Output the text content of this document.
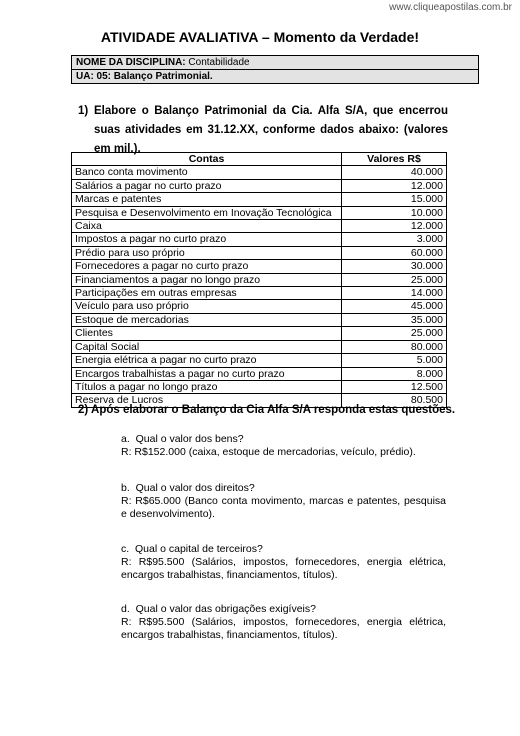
www.cliqueapostilas.com.br
ATIVIDADE AVALIATIVA – Momento da Verdade!
NOME DA DISCIPLINA: Contabilidade
UA: 05: Balanço Patrimonial.
1) Elabore o Balanço Patrimonial da Cia. Alfa S/A, que encerrou suas atividades em 31.12.XX, conforme dados abaixo: (valores em mil.).
Contas	Valores R$
Banco conta movimento	40.000
Salários a pagar no curto prazo	12.000
Marcas e patentes	15.000
Pesquisa e Desenvolvimento em Inovação Tecnológica	10.000
Caixa	12.000
Impostos a pagar no curto prazo	3.000
Prédio para uso próprio	60.000
Fornecedores a pagar no curto prazo	30.000
Financiamentos a pagar no longo prazo	25.000
Participações em outras empresas	14.000
Veículo para uso próprio	45.000
Estoque de mercadorias	35.000
Clientes	25.000
Capital Social	80.000
Energia elétrica a pagar no curto prazo	5.000
Encargos trabalhistas a pagar no curto prazo	8.000
Títulos a pagar no longo prazo	12.500
Reserva de Lucros	80.500
2) Após elaborar o Balanço da Cia Alfa S/A responda estas questões.
a. Qual o valor dos bens?
R: R$152.000 (caixa, estoque de mercadorias, veículo, prédio).
b. Qual o valor dos direitos?
R: R$65.000 (Banco conta movimento, marcas e patentes, pesquisa e desenvolvimento).
c. Qual o capital de terceiros?
R: R$95.500 (Salários, impostos, fornecedores, energia elétrica, encargos trabalhistas, financiamentos, títulos).
d. Qual o valor das obrigações exigíveis?
R: R$95.500 (Salários, impostos, fornecedores, energia elétrica, encargos trabalhistas, financiamentos, títulos).
